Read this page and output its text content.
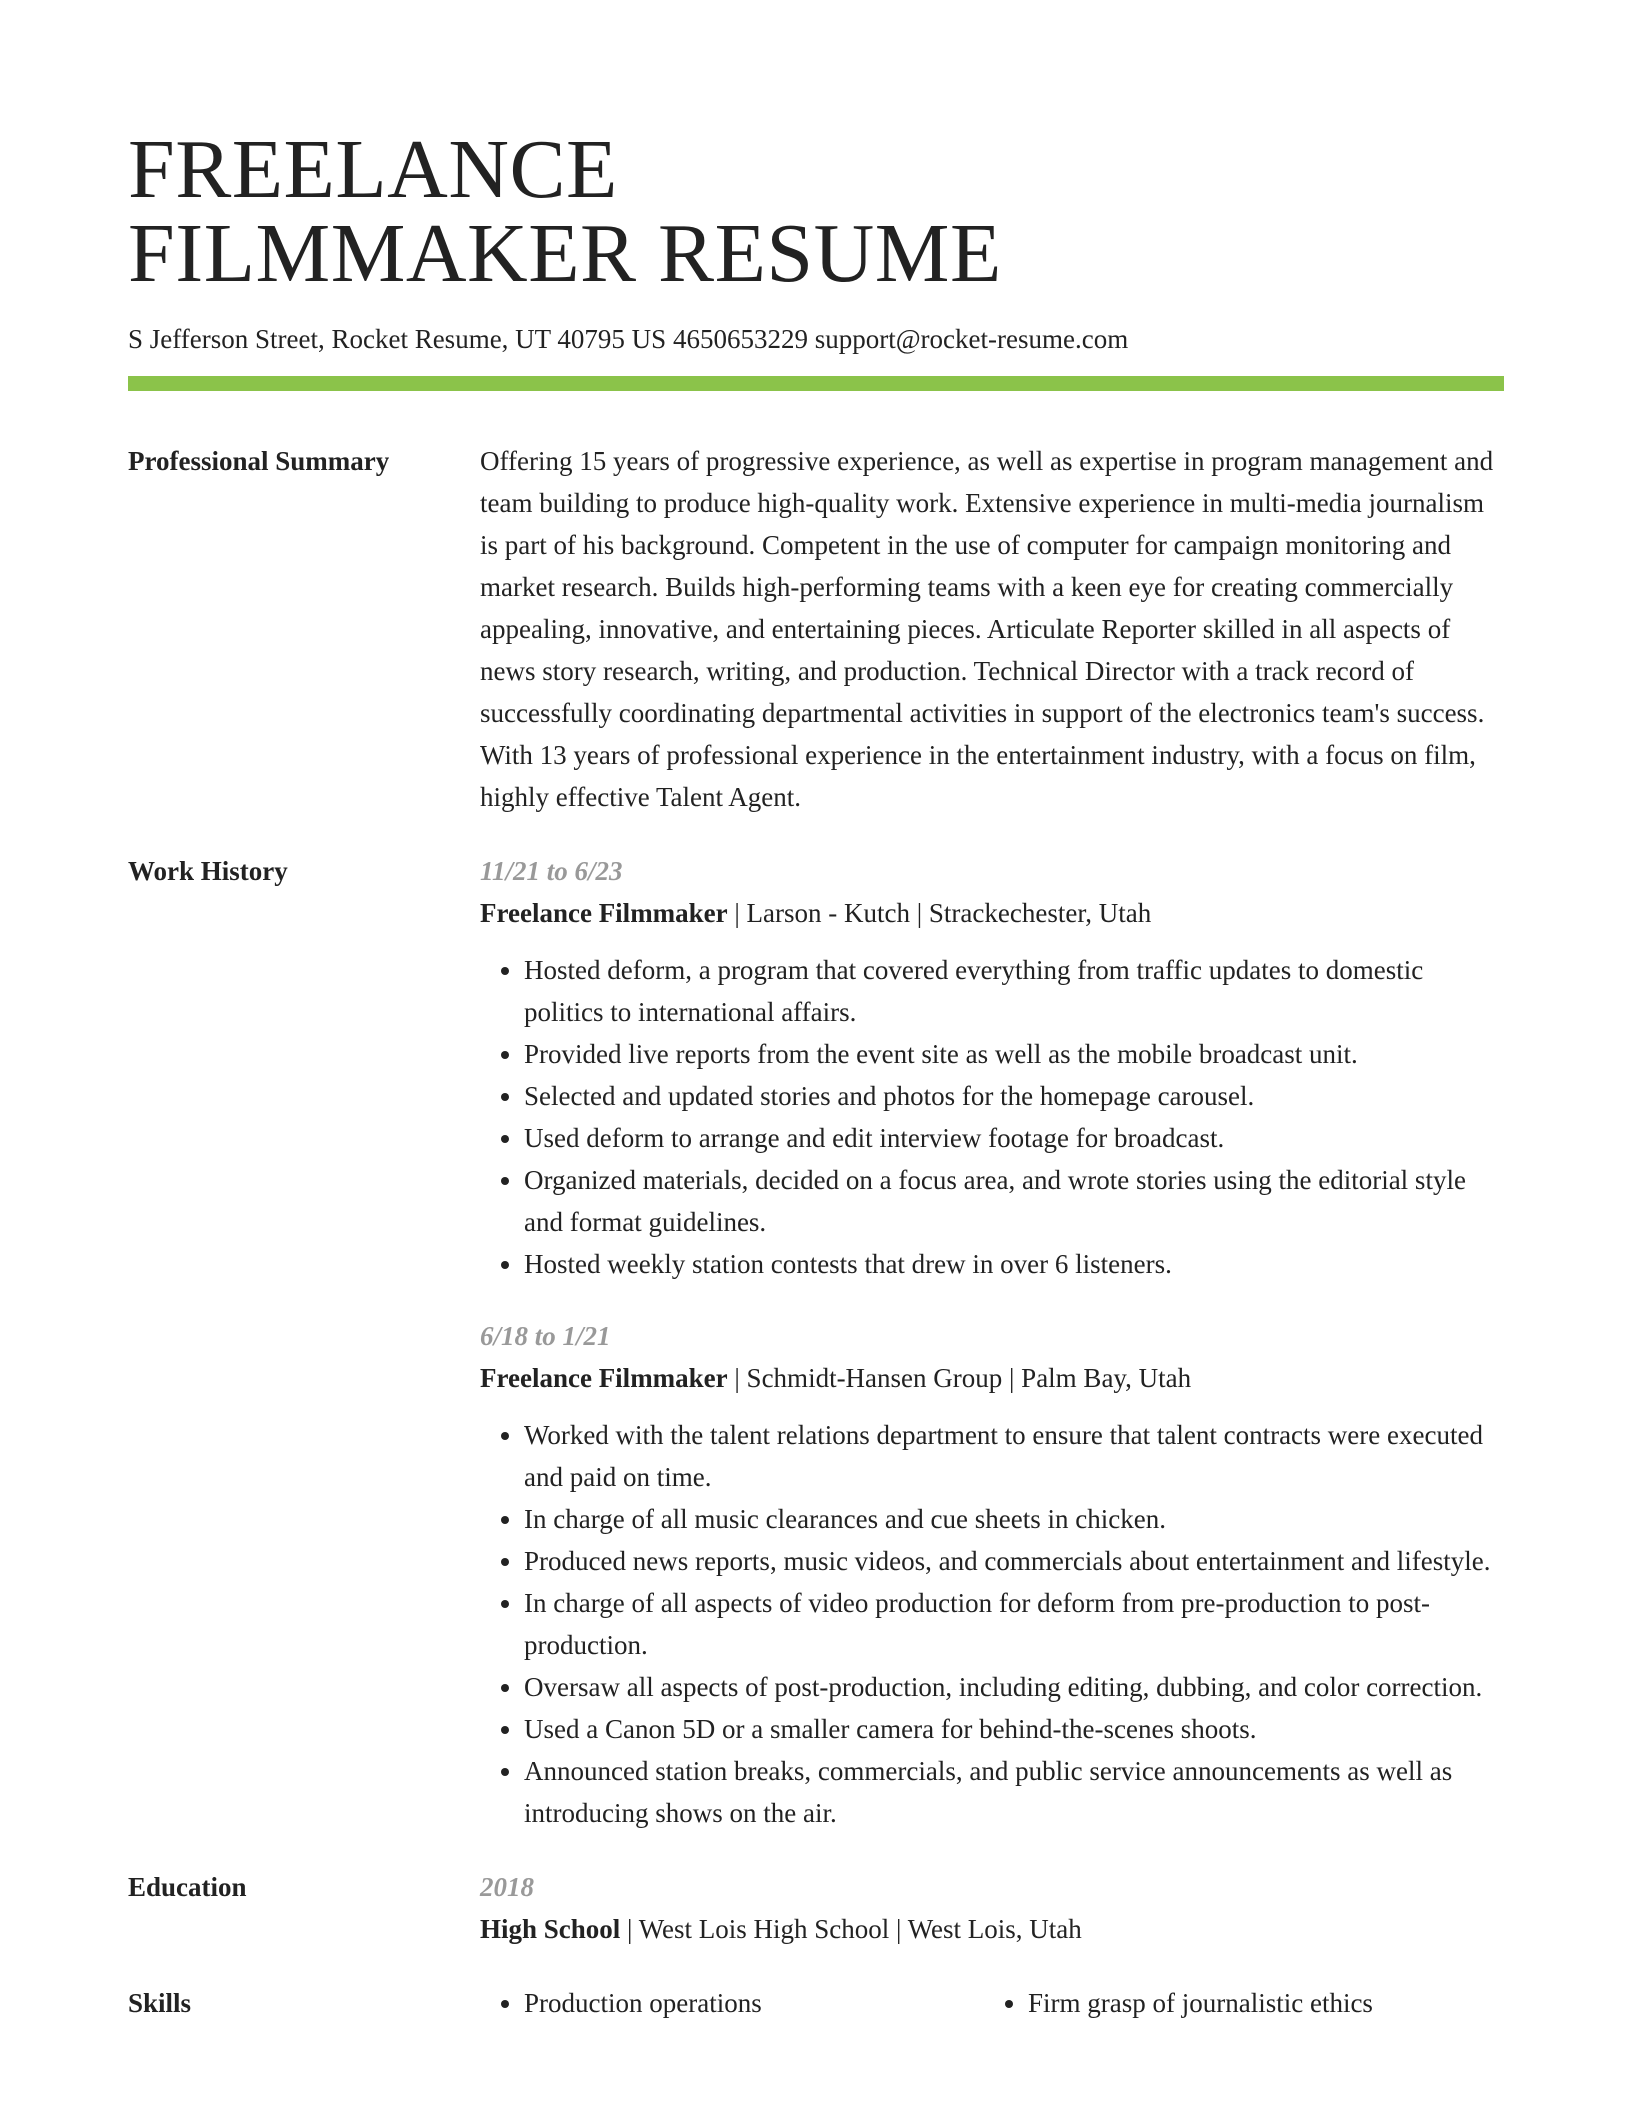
FREELANCE
FILMMAKER RESUME
S Jefferson Street, Rocket Resume, UT 40795 US 4650653229 support@rocket-resume.com
Professional Summary	Offering 15 years of progressive experience, as well as expertise in program management and team building to produce high-quality work. Extensive experience in multi-media journalism is part of his background. Competent in the use of computer for campaign monitoring and market research. Builds high-performing teams with a keen eye for creating commercially appealing, innovative, and entertaining pieces. Articulate Reporter skilled in all aspects of news story research, writing, and production. Technical Director with a track record of successfully coordinating departmental activities in support of the electronics team's success. With 13 years of professional experience in the entertainment industry, with a focus on film, highly effective Talent Agent.

Work History	11/21 to 6/23
Freelance Filmmaker | Larson - Kutch | Strackechester, Utah
• Hosted deform, a program that covered everything from traffic updates to domestic politics to international affairs.
• Provided live reports from the event site as well as the mobile broadcast unit.
• Selected and updated stories and photos for the homepage carousel.
• Used deform to arrange and edit interview footage for broadcast.
• Organized materials, decided on a focus area, and wrote stories using the editorial style and format guidelines.
• Hosted weekly station contests that drew in over 6 listeners.
6/18 to 1/21
Freelance Filmmaker | Schmidt-Hansen Group | Palm Bay, Utah
• Worked with the talent relations department to ensure that talent contracts were executed and paid on time.
• In charge of all music clearances and cue sheets in chicken.
• Produced news reports, music videos, and commercials about entertainment and lifestyle.
• In charge of all aspects of video production for deform from pre-production to post-production.
• Oversaw all aspects of post-production, including editing, dubbing, and color correction.
• Used a Canon 5D or a smaller camera for behind-the-scenes shoots.
• Announced station breaks, commercials, and public service announcements as well as introducing shows on the air.
Education	2018
High School | West Lois High School | West Lois, Utah
Skills	• Production operations	• Firm grasp of journalistic ethics
